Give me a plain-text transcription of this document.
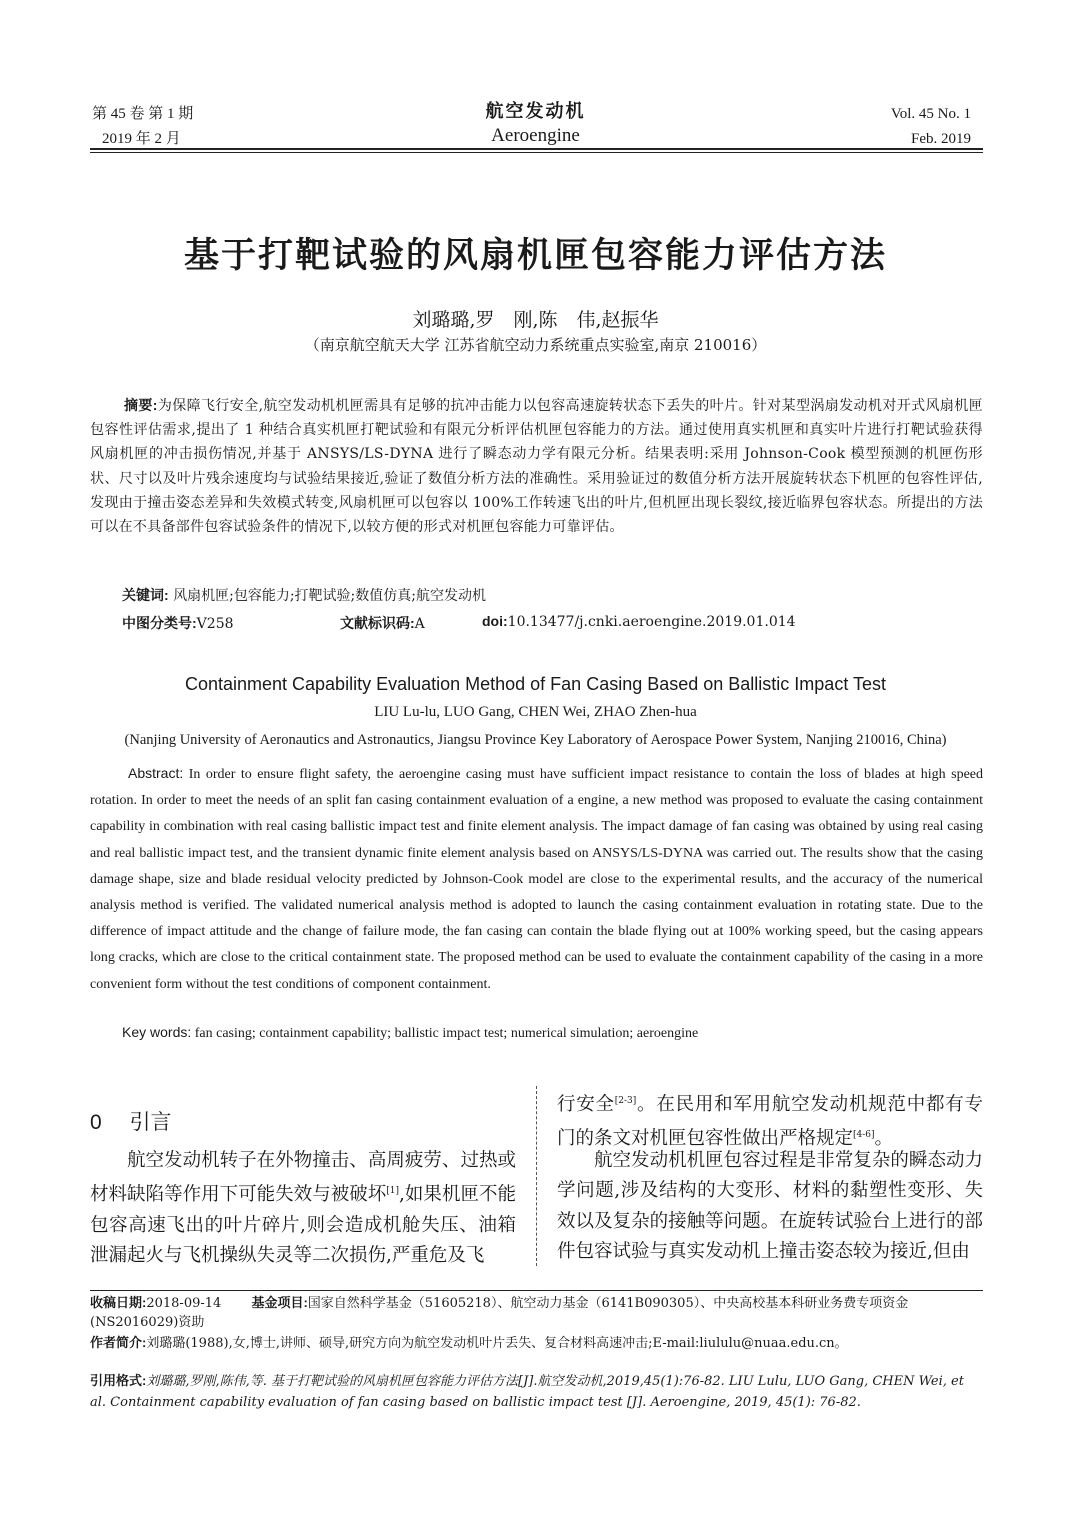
第 45 卷 第 1 期
2019 年 2 月
航空发动机
Aeroengine
Vol. 45 No. 1
Feb. 2019
基于打靶试验的风扇机匣包容能力评估方法
刘璐璐,罗　刚,陈　伟,赵振华
（南京航空航天大学 江苏省航空动力系统重点实验室,南京 210016）
摘要:为保障飞行安全,航空发动机机匣需具有足够的抗冲击能力以包容高速旋转状态下丢失的叶片。针对某型涡扇发动机对开式风扇机匣包容性评估需求,提出了 1 种结合真实机匣打靶试验和有限元分析评估机匣包容能力的方法。通过使用真实机匣和真实叶片进行打靶试验获得风扇机匣的冲击损伤情况,并基于 ANSYS/LS-DYNA 进行了瞬态动力学有限元分析。结果表明:采用 Johnson-Cook 模型预测的机匣伤形状、尺寸以及叶片残余速度均与试验结果接近,验证了数值分析方法的准确性。采用验证过的数值分析方法开展旋转状态下机匣的包容性评估,发现由于撞击姿态差异和失效模式转变,风扇机匣可以包容以 100%工作转速飞出的叶片,但机匣出现长裂纹,接近临界包容状态。所提出的方法可以在不具备部件包容试验条件的情况下,以较方便的形式对机匣包容能力可靠评估。
关键词: 风扇机匣;包容能力;打靶试验;数值仿真;航空发动机
中图分类号:V258	文献标识码:A	doi:10.13477/j.cnki.aeroengine.2019.01.014
Containment Capability Evaluation Method of Fan Casing Based on Ballistic Impact Test
LIU Lu-lu, LUO Gang, CHEN Wei, ZHAO Zhen-hua
(Nanjing University of Aeronautics and Astronautics, Jiangsu Province Key Laboratory of Aerospace Power System, Nanjing 210016, China)
Abstract: In order to ensure flight safety, the aeroengine casing must have sufficient impact resistance to contain the loss of blades at high speed rotation. In order to meet the needs of an split fan casing containment evaluation of a engine, a new method was proposed to evaluate the casing containment capability in combination with real casing ballistic impact test and finite element analysis. The impact damage of fan casing was obtained by using real casing and real ballistic impact test, and the transient dynamic finite element analysis based on ANSYS/LS-DYNA was carried out. The results show that the casing damage shape, size and blade residual velocity predicted by Johnson-Cook model are close to the experimental results, and the accuracy of the numerical analysis method is verified. The validated numerical analysis method is adopted to launch the casing containment evaluation in rotating state. Due to the difference of impact attitude and the change of failure mode, the fan casing can contain the blade flying out at 100% working speed, but the casing appears long cracks, which are close to the critical containment state. The proposed method can be used to evaluate the containment capability of the casing in a more convenient form without the test conditions of component containment.
Key words: fan casing; containment capability; ballistic impact test; numerical simulation; aeroengine
0 引言
航空发动机转子在外物撞击、高周疲劳、过热或材料缺陷等作用下可能失效与被破坏[1],如果机匣不能包容高速飞出的叶片碎片,则会造成机舱失压、油箱泄漏起火与飞机操纵失灵等二次损伤,严重危及飞
行安全[2-3]。在民用和军用航空发动机规范中都有专门的条文对机匣包容性做出严格规定[4-6]。
航空发动机机匣包容过程是非常复杂的瞬态动力学问题,涉及结构的大变形、材料的黏塑性变形、失效以及复杂的接触等问题。在旋转试验台上进行的部件包容试验与真实发动机上撞击姿态较为接近,但由
收稿日期:2018-09-14 基金项目:国家自然科学基金（51605218）、航空动力基金（6141B090305）、中央高校基本科研业务费专项资金(NS2016029)资助
作者简介:刘璐璐(1988),女,博士,讲师、硕导,研究方向为航空发动机叶片丢失、复合材料高速冲击;E-mail:liululu@nuaa.edu.cn。
引用格式:刘璐璐,罗刚,陈伟,等. 基于打靶试验的风扇机匣包容能力评估方法[J].航空发动机,2019,45(1):76-82. LIU Lulu, LUO Gang, CHEN Wei, et al. Containment capability evaluation of fan casing based on ballistic impact test [J]. Aeroengine, 2019, 45(1): 76-82.
